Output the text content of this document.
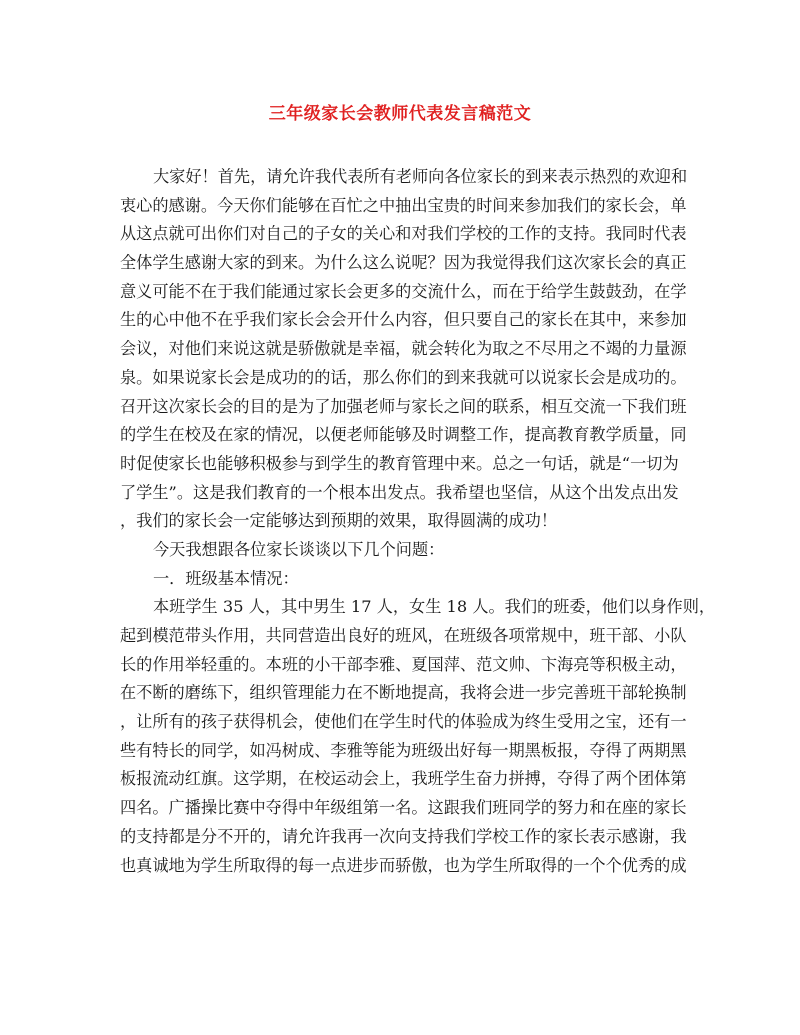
三年级家长会教师代表发言稿范文
大家好！首先，请允许我代表所有老师向各位家长的到来表示热烈的欢迎和
衷心的感谢。今天你们能够在百忙之中抽出宝贵的时间来参加我们的家长会，单
从这点就可出你们对自己的子女的关心和对我们学校的工作的支持。我同时代表
全体学生感谢大家的到来。为什么这么说呢？因为我觉得我们这次家长会的真正
意义可能不在于我们能通过家长会更多的交流什么，而在于给学生鼓鼓劲，在学
生的心中他不在乎我们家长会会开什么内容，但只要自己的家长在其中，来参加
会议，对他们来说这就是骄傲就是幸福，就会转化为取之不尽用之不竭的力量源
泉。如果说家长会是成功的的话，那么你们的到来我就可以说家长会是成功的。
召开这次家长会的目的是为了加强老师与家长之间的联系，相互交流一下我们班
的学生在校及在家的情况，以便老师能够及时调整工作，提高教育教学质量，同
时促使家长也能够积极参与到学生的教育管理中来。总之一句话，就是“一切为
了学生”。这是我们教育的一个根本出发点。我希望也坚信，从这个出发点出发
，我们的家长会一定能够达到预期的效果，取得圆满的成功！
今天我想跟各位家长谈谈以下几个问题：
一．班级基本情况：
本班学生 35 人，其中男生 17 人，女生 18 人。我们的班委，他们以身作则，
起到模范带头作用，共同营造出良好的班风，在班级各项常规中，班干部、小队
长的作用举轻重的。本班的小干部李雅、夏国萍、范文帅、卞海亮等积极主动，
在不断的磨练下，组织管理能力在不断地提高，我将会进一步完善班干部轮换制
，让所有的孩子获得机会，使他们在学生时代的体验成为终生受用之宝，还有一
些有特长的同学，如冯树成、李雅等能为班级出好每一期黑板报，夺得了两期黑
板报流动红旗。这学期，在校运动会上，我班学生奋力拼搏，夺得了两个团体第
四名。广播操比赛中夺得中年级组第一名。这跟我们班同学的努力和在座的家长
的支持都是分不开的，请允许我再一次向支持我们学校工作的家长表示感谢，我
也真诚地为学生所取得的每一点进步而骄傲，也为学生所取得的一个个优秀的成
